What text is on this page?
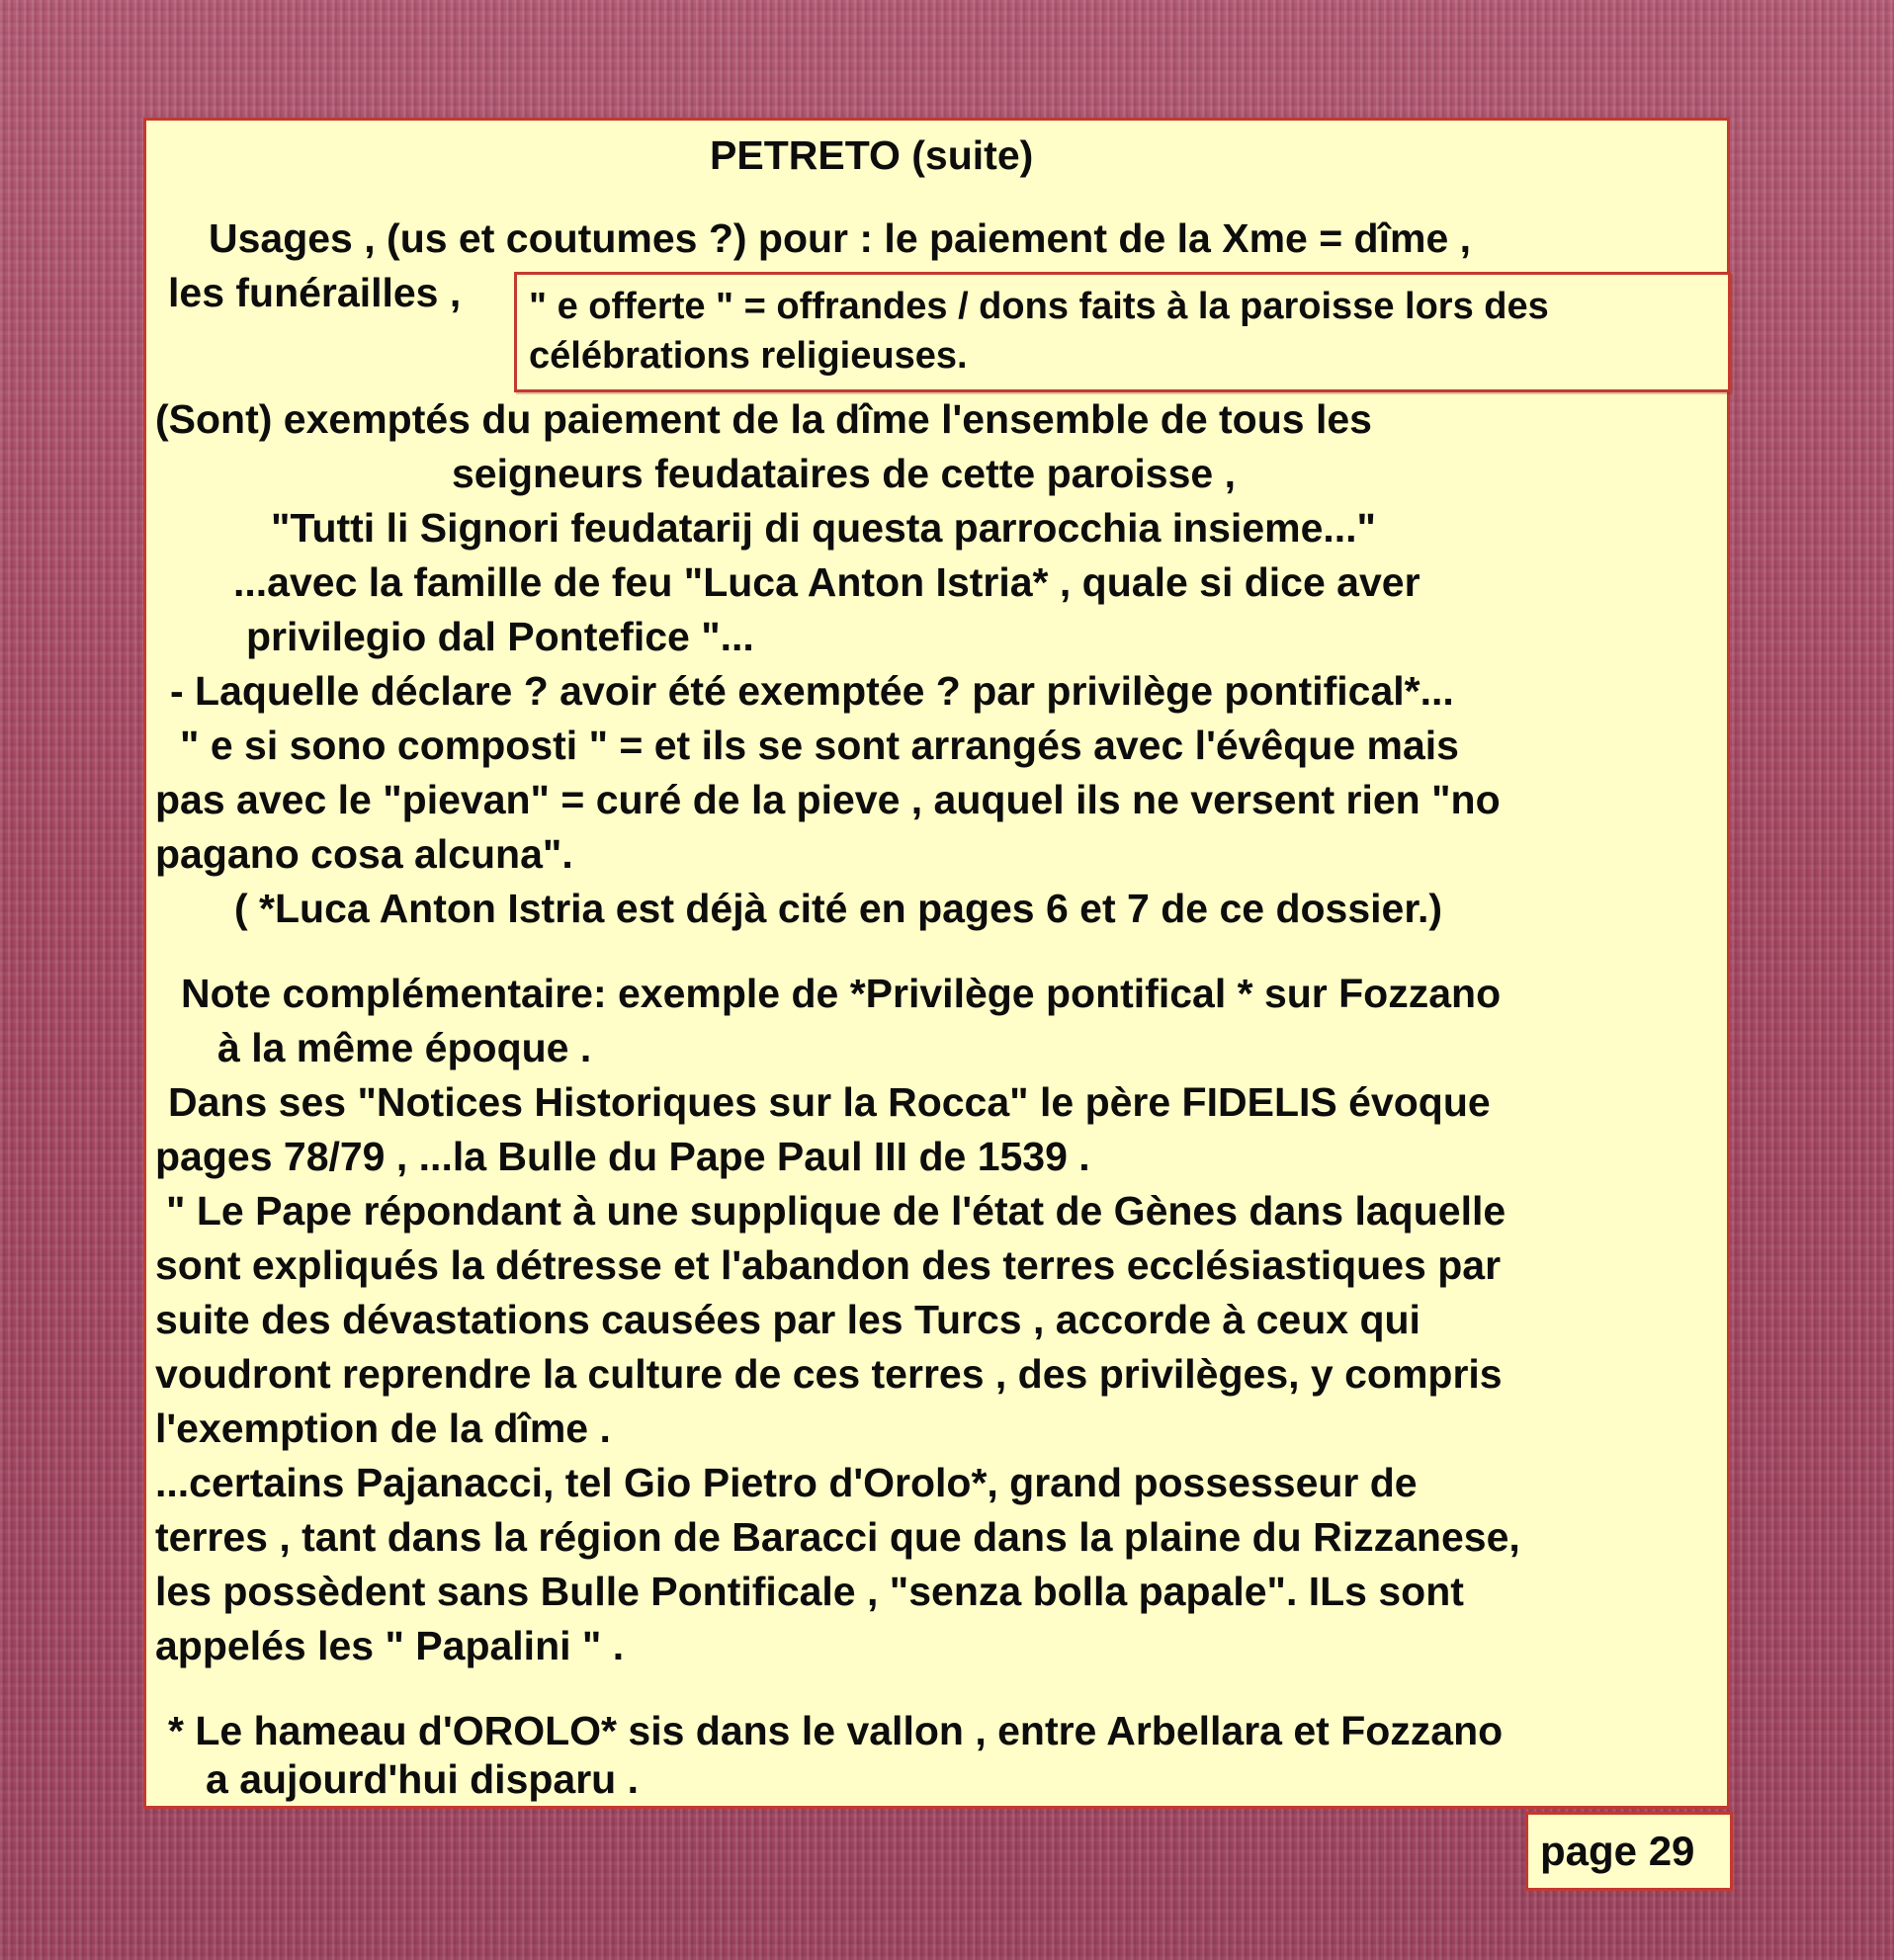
PETRETO (suite)

Usages , (us et coutumes ?) pour : le paiement de la Xme = dîme ,

les funérailles ,

(Sont) exemptés du paiement de la dîme l'ensemble de tous les

seigneurs feudataires de cette paroisse ,

"Tutti li Signori feudatarij di questa parrocchia insieme..."

...avec la famille de feu "Luca Anton Istria* , quale si dice aver

privilegio dal Pontefice "...

- Laquelle déclare ? avoir été exemptée ? par privilège pontifical*...

" e si sono composti " = et ils se sont arrangés avec l'évêque mais

pas avec le "pievan" = curé de la pieve , auquel ils ne versent rien "no

pagano cosa alcuna".

( *Luca Anton Istria est déjà cité en pages 6 et 7 de ce dossier.)

Note complémentaire: exemple de *Privilège pontifical * sur Fozzano

à la même époque .

Dans ses "Notices Historiques sur la Rocca" le père FIDELIS évoque

pages 78/79 , ...la Bulle du Pape Paul III de 1539 .

" Le Pape répondant à une supplique de l'état de Gènes dans laquelle

sont expliqués la détresse et l'abandon des terres ecclésiastiques par

suite des dévastations causées par les Turcs , accorde à ceux qui

voudront reprendre la culture de ces terres , des privilèges, y compris

l'exemption de la dîme .

...certains Pajanacci, tel Gio Pietro d'Orolo*, grand possesseur de

terres , tant dans la région de Baracci que dans la plaine du Rizzanese,

les possèdent sans Bulle Pontificale , "senza bolla papale". ILs sont

appelés les " Papalini " .

* Le hameau d'OROLO* sis dans le vallon , entre Arbellara et Fozzano

a aujourd'hui disparu .

" e offerte " = offrandes / dons faits à la paroisse lors des

célébrations religieuses.

page 29
